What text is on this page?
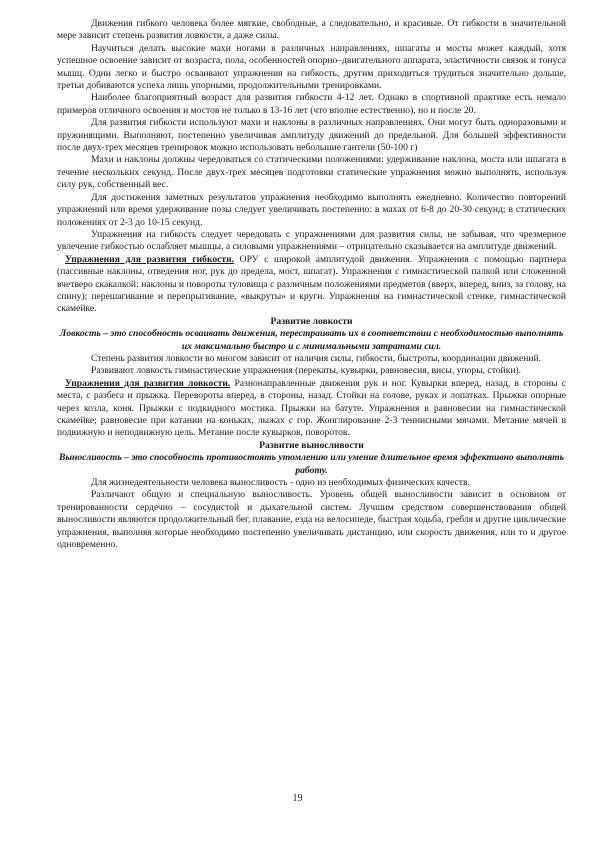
Движения гибкого человека более мягкие, свободные, а следовательно, и красивые. От гибкости в значительной мере зависит степень развития ловкости, а даже силы.

Научиться делать высокие махи ногами в различных направлениях, шпагаты и мосты может каждый, хотя успешное освоение зависит от возраста, пола, особенностей опорно–двигательного аппарата, эластичности связок и тонуса мышц. Одни легко и быстро осваивают упражнения на гибкость, другим приходиться трудиться значительно дольше, третьи добиваются успеха лишь упорными, продолжительными тренировками.

Наиболее благоприятный возраст для развития гибкости 4-12 лет. Однако в спортивной практике есть немало примеров отличного освоения и мостов не только в 13-16 лет (что вполне естественно), но и после 20.

Для развития гибкости используют махи и наклоны в различных направлениях. Они могут быть одноразовыми и пружинящими. Выполняют, постепенно увеличивая амплитуду движений до предельной. Для большей эффективности после двух-трех месяцев тренировок можно использовать небольшие гантели (50-100 г)

Махи и наклоны должны чередоваться со статическими положениями: удерживание наклона, моста или шпагата в течение нескольких секунд. После двух-трех месяцев подготовки статические упражнения можно выполнять, используя силу рук, собственный вес.

Для достижения заметных результатов упражнения необходимо выполнять ежедневно. Количество повторений упражнений или время удерживание позы следует увеличивать постепенно: в махах от 6-8 до 20-30 секунд; в статических положениях от 2-3 до 10-15 секунд.

Упражнения на гибкость следует чередовать с упражнениями для развития силы, не забывая, что чрезмерное увлечение гибкостью ослабляет мышцы, а силовыми упражнениями – отрицательно сказывается на амплитуде движений.

Упражнения для развития гибкости. ОРУ с широкой амплитудой движения. Упражнения с помощью партнера (пассивные наклоны, отведения ног, рук до предела, мост, шпагат). Упражнения с гимнастической палкой или сложенной вчетверо скакалкой: наклоны и повороты туловища с различным положениями предметов (вверх, вперед, вниз, за голову, на спину); перешагивание и перепрыгивание, «выкруты» и круги. Упражнения на гимнастической стенке, гимнастической скамейке.

Развитие ловкости

Ловкость – это способность осваивать движения, перестраивать их в соответствии с необходимостью выполнять их максимально быстро и с минимальными затратами сил.

Степень развития ловкости во многом зависит от наличия силы, гибкости, быстроты, координации движений.

Развивают ловкость гимнастические упражнения (перекаты, кувырки, равновесия, висы, упоры, стойки).

Упражнения для развития ловкости. Разнонаправленные движения рук и ног. Кувырки вперед, назад, в стороны с места, с разбега и прыжка. Перевороты вперед, в стороны, назад. Стойки на голове, руках и лопатках. Прыжки опорные через козла, коня. Прыжки с подкидного мостика. Прыжки на батуте. Упражнения в равновесии на гимнастической скамейке; равновесие при катании на коньках, лыжах с гор. Жонглирование 2-3 теннисными мячами. Метание мячей в подвижную и неподвижную цель. Метание после кувырков, поворотов.

Развитие выносливости

Выносливость – это способность противостоять утомлению или умение длительное время эффективно выполнять работу.

Для жизнедеятельности человека выносливость - одно из необходимых физических качеств.

Различают общую и специальную выносливость. Уровень общей выносливости зависит в основном от тренированности сердечно – сосудистой и дыхательной систем. Лучшим средством совершенствования общей выносливости являются продолжительный бег, плавание, езда на велосипеде, быстрая ходьба, гребля и другие циклические упражнения, выполняя которые необходимо постепенно увеличивать дистанцию, или скорость движения, или то и другое одновременно.

19
